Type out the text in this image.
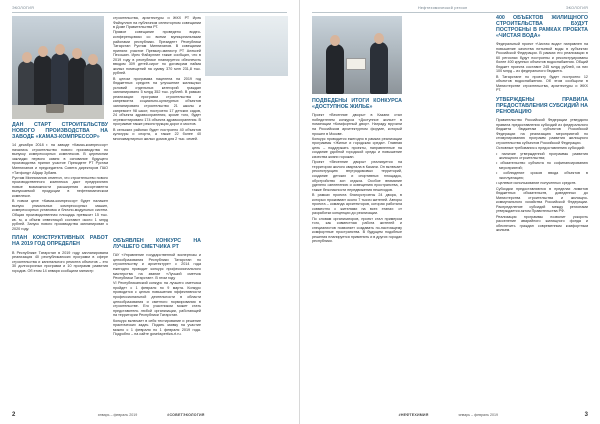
ЭКОЛОГИЯ
ДАН СТАРТ СТРОИТЕЛЬСТВУ НОВОГО ПРОИЗВОДСТВА НА ЗАВОДЕ «КАМАЗ-КОМПРЕССОР»

14 декабря 2018 г. на заводе «Камаз-компрессор» начались строительство нового производства по выпуску компрессорных комплексов. В церемонии закладки первого камня в основание будущего производства принял участие Президент РТ Рустам Минниханов и председатель Совета директоров ПАО «Татфонд» Айдар Зубаев.

Рустам Минниханов отметил, что строительство нового производственного комплекса даст предприятию новые возможности расширения ассортимента выпускаемой продукции в нефтехимическом комплексе.

В новом цехе «Камаз-компрессор» будет налажен выпуск уникальных компрессорных машин, компрессорных установок и блочно-модульных систем. Общая производственная площадь превысит 15 тыс. кв. м, а объем инвестиций составит около 1 млрд рублей. Запуск нового производства запланирован к 2020 году.

ПЛАН КОНСТРУКТИВНЫХ РАБОТ НА 2019 ГОД ОПРЕДЕЛЕН

В Республике Татарстан в 2019 году запланирована реализация 40 республиканских программ в сфере строительства и капитального ремонта объектов – это 30 долгосрочных программ и 10 программ развития городов. Об этом 14 января сообщили министр

строительства, архитектуры и ЖКХ РТ Ирек Файзуллин на публичном селекторном совещании в Доме Правительства РТ.

Прямое совещание проведено видео-конференцсвязи со всеми муниципальными районами республики. Президент Республики Татарстан Рустам Минниханов. В совещании приняли участие Премьер-министр РТ Алексей Песошин. Ирек Файзуллин также сообщил, что в 2019 году в республике планируется обеспечить вводом 309 детей-сирот по договорам найма жилых помещений на сумму 370 млн 231,8 тыс. рублей.

В целом программа нацелена на 2019 год бюджетных средств на улучшение жилищных условий отдельных категорий граждан запланировано 5 млрд 352 тыс. рублей. В рамках реализации программ строительства и капремонта социально-культурных объектов запланировано строительство 21 школы и капремонт 98 школ; построено 17 детских садов, 24 объекта здравоохранения, кроме того, будет отремонтировано 174 объекта здравоохранения. В программе также реконструкция дорог и мостов.

В сельских районах будет построено 40 объектов культуры и спорта, а также 22 более 40 многоквартирных жилых домов для 2 тыс. семей.

ОБЪЯВЛЕН КОНКУРС НА ЛУЧШЕГО СМЕТЧИКА РТ

ГАУ «Управление государственной экспертизы и ценообразования Республики Татарстан по строительству и архитектуре» с 2014 года ежегодно проводит конкурс профессионального мастерства на звание «Лучший сметчик Республики Татарстан». В этом году

VI Республиканский конкурс на лучшего сметчика пройдет с 1 февраля по 9 марта. Конкурс проводится с целью повышения эффективности профессиональной деятельности в области ценообразования и сметного нормирования в строительстве. Его участником может стать представитель любой организации, работающей на территории Республики Татарстан.

Конкурс включает в себя тестирование и решение практических задач. Подать заявку на участие можно с 1 февраля по 1 февраля 2019 года. Подробно – на сайте gosekspertiza-rt.ru.

2	январь – февраль 2019	#СОВЕТЭКОЛОГИЯ
Нефтехимический регион	ЭКОЛОГИЯ
ПОДВЕДЕНЫ ИТОГИ КОНКУРСА «ДОСТУПНОЕ ЖИЛЬЕ»

Проект «Весенние дворы» в Казани стал победителем конкурса «Доступное жилье» в номинации «Комфортный двор». Награду вручили на Российском архитектурном форуме, который прошел в Москве.

Конкурс проводится ежегодно в рамках реализации программы «Жилье и городская среда». Главная цель – поддержать проекты, направленные на создание удобной городской среды и повышение качества жизни горожан.

Проект «Весенние дворы» реализуется на территории жилого квартала в Казани. Он включает реконструкцию внутридомовых территорий, создание детских и спортивных площадок, обустройство зон отдыха. Особое внимание уделено озеленению и освещению пространства, а также безопасности передвижения пешеходов.

В рамках проекта благоустроены 24 двора, в которых проживают около 7 тысяч жителей. Авторы проекта – команда архитекторов, которая работала совместно с жителями на всех этапах: от разработки концепции до реализации.

По словам организаторов, проект стал примером того, как совместная работа жителей и специалистов позволяет создавать по-настоящему комфортные пространства. В будущем подобные решения планируется применять и в других городах республики.

400 ОБЪЕКТОВ ЖИЛИЩНОГО СТРОИТЕЛЬСТВА БУДУТ ПОСТРОЕНЫ В РАМКАХ ПРОЕКТА «ЧИСТАЯ ВОДА»

Федеральный проект «Чистая вода» направлен на повышение качества питьевой воды в субъектах Российской Федерации. В рамках его реализации в 60 регионах будут построены и реконструированы более 400 крупных объектов водоснабжения. Общий бюджет проекта составит 245 млрд рублей, из них 100 млрд – из федерального бюджета.

В Татарстане по проекту будет построено 12 объектов водоснабжения. Об этом сообщили в Министерстве строительства, архитектуры и ЖКХ РТ.

УТВЕРЖДЕНЫ ПРАВИЛА ПРЕДОСТАВЛЕНИЯ СУБСИДИЙ НА РЕНОВАЦИЮ

Правительство Российской Федерации утвердило правила предоставления субсидий из федерального бюджета бюджетам субъектов Российской Федерации на реализацию мероприятий по стимулированию программ развития жилищного строительства субъектов Российской Федерации.

Основные требования к предоставлению субсидий:

• наличие утвержденной программы развития жилищного строительства;

• обязательство субъекта по софинансированию мероприятий;

• соблюдение сроков ввода объектов в эксплуатацию;

• целевое использование полученных средств.

Субсидии предоставляются в пределах лимитов бюджетных обязательств, доведенных до Министерства строительства и жилищно-коммунального хозяйства Российской Федерации. Распределение субсидий между регионами утверждается актом Правительства РФ.

Реализация программы позволит ускорить расселение аварийного жилищного фонда и обеспечить граждан современным комфортным жильем.

#НЕФТЕХИМИЯ	январь – февраль 2019	3
